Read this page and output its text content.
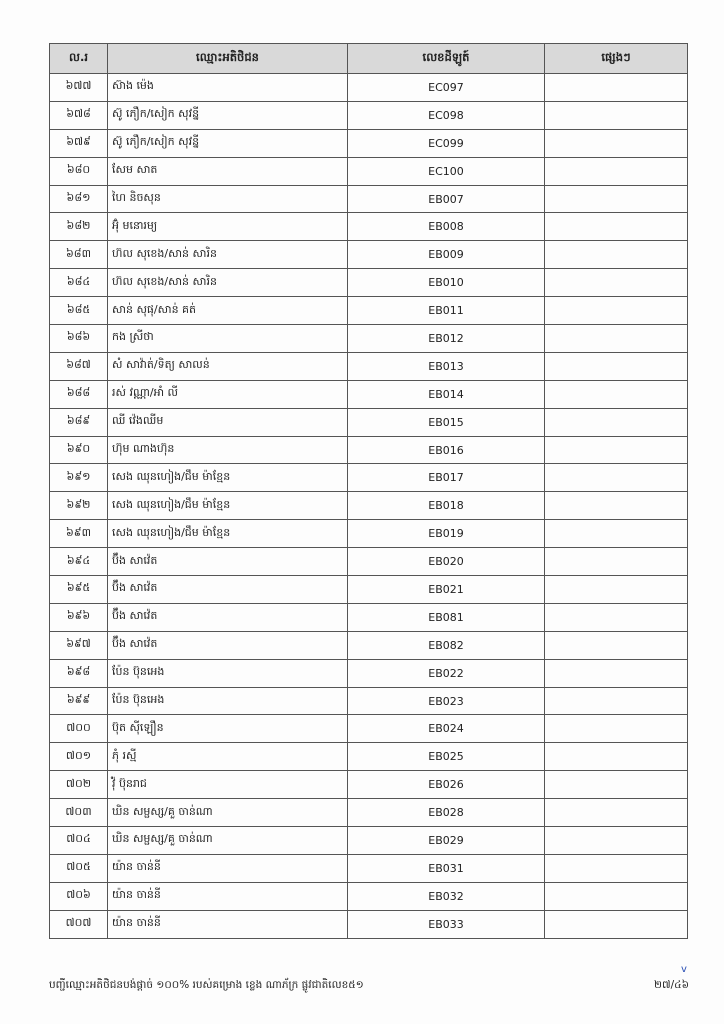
ល.រ	ឈ្មោះអតិថិជន	លេខដីឡូត៍	ផ្សេងៗ
៦៧៧	ស៊ាង ម៉េង	EC097	
៦៧៨	ស៊ូ ភឿក/សៀក សុវន្នី	EC098	
៦៧៩	ស៊ូ ភឿក/សៀក សុវន្នី	EC099	
៦៨០	សែម សាត	EC100	
៦៨១	ហៃ និចសុន	EB007	
៦៨២	អ៊ុំ មនោរម្យ	EB008	
៦៨៣	ហ៊ល សុខេង/សាន់ សារិន	EB009	
៦៨៤	ហ៊ល សុខេង/សាន់ សារិន	EB010	
៦៨៥	សាន់ សុផុ/សាន់ គត់	EB011	
៦៨៦	កង ស្រីថា	EB012	
៦៨៧	សំ សាវ៉ាត់/ទិត្យ សាលន់	EB013	
៦៨៨	រស់ វណ្ណា/អាំ លី	EB014	
៦៨៩	ឈី វ៉េងឈីម	EB015	
៦៩០	ហ៊ុម ណាងហ៊ុន	EB016	
៦៩១	សេង ឈុនហៀង/ជឹម ម៉ាខ្មែន	EB017	
៦៩២	សេង ឈុនហៀង/ជឹម ម៉ាខ្មែន	EB018	
៦៩៣	សេង ឈុនហៀង/ជឹម ម៉ាខ្មែន	EB019	
៦៩៤	ប៊ឹង សាវ៉េត	EB020	
៦៩៥	ប៊ឹង សាវ៉េត	EB021	
៦៩៦	ប៊ឹង សាវ៉េត	EB081	
៦៩៧	ប៊ឹង សាវ៉េត	EB082	
៦៩៨	ប៉ែន ប៊ុនអេង	EB022	
៦៩៩	ប៉ែន ប៊ុនអេង	EB023	
៧០០	ប៊ុត ស៊ីឡឿន	EB024	
៧០១	ភុំ រស្មី	EB025	
៧០២	វ៉ុំ ប៊ុនរាជ	EB026	
៧០៣	ឃិន សម្ផស្ស/គួ ចាន់ណា	EB028	
៧០៤	ឃិន សម្ផស្ស/គួ ចាន់ណា	EB029	
៧០៥	យ៉ាន ចាន់នី	EB031	
៧០៦	យ៉ាន ចាន់នី	EB032	
៧០៧	យ៉ាន ចាន់នី	EB033	
បញ្ជីឈ្មោះអតិថិជនបង់ផ្តាច់ ១០០% របស់គម្រោង ខ្លេង ណាភ័ក្រ ផ្លូវជាតិលេខ៥១	២៧/៤៦
v
